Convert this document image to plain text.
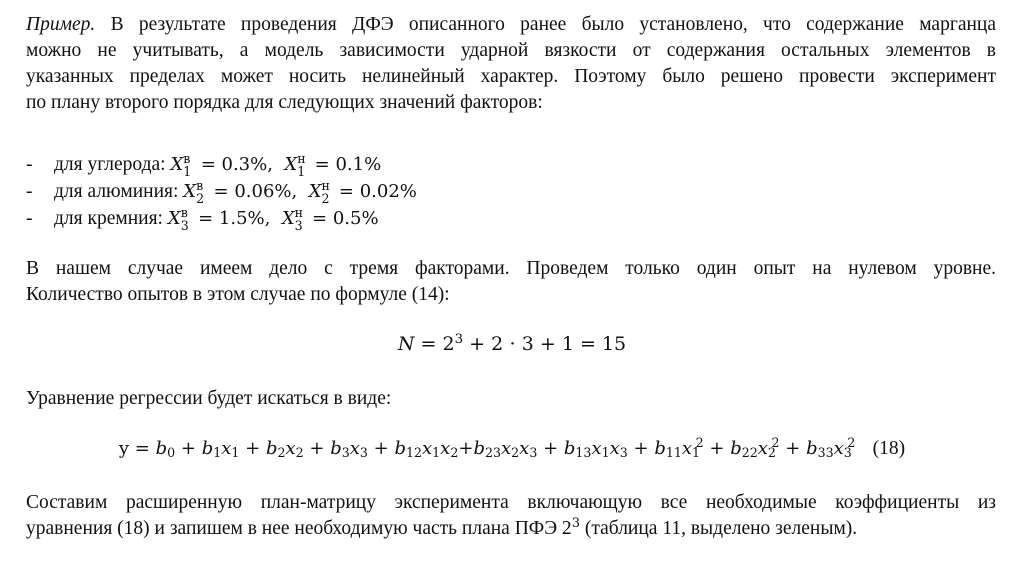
Пример. В результате проведения ДФЭ описанного ранее было установлено, что содержание марганца
можно не учитывать, а модель зависимости ударной вязкости от содержания остальных элементов в
указанных пределах может носить нелинейный характер. Поэтому было решено провести эксперимент
по плану второго порядка для следующих значений факторов:
- для углерода: X в
1 = 0.3%,  X н
1 = 0.1%
- для алюминия: X в
2 = 0.06%,  X н
2 = 0.02%
- для кремния: X в
3 = 1.5%,  X н
3 = 0.5%
В нашем случае имеем дело с тремя факторами. Проведем только один опыт на нулевом уровне.
Количество опытов в этом случае по формуле (14):
$N = 2^3 + 2 \cdot 3 + 1 = 15$
Уравнение регрессии будет искаться в виде:
$y = b_0 + b_1x_1 + b_2x_2 + b_3x_3 + b_{12}x_1x_2+b_{23}x_2x_3 + b_{13}x_1x_3 + b_{11}x_1^2 + b_{22}x_2^2 + b_{33}x_3^2$ (18)
Составим расширенную план-матрицу эксперимента включающую все необходимые коэффициенты из
уравнения (18) и запишем в нее необходимую часть плана ПФЭ $2^3$ (таблица 11, выделено зеленым).
